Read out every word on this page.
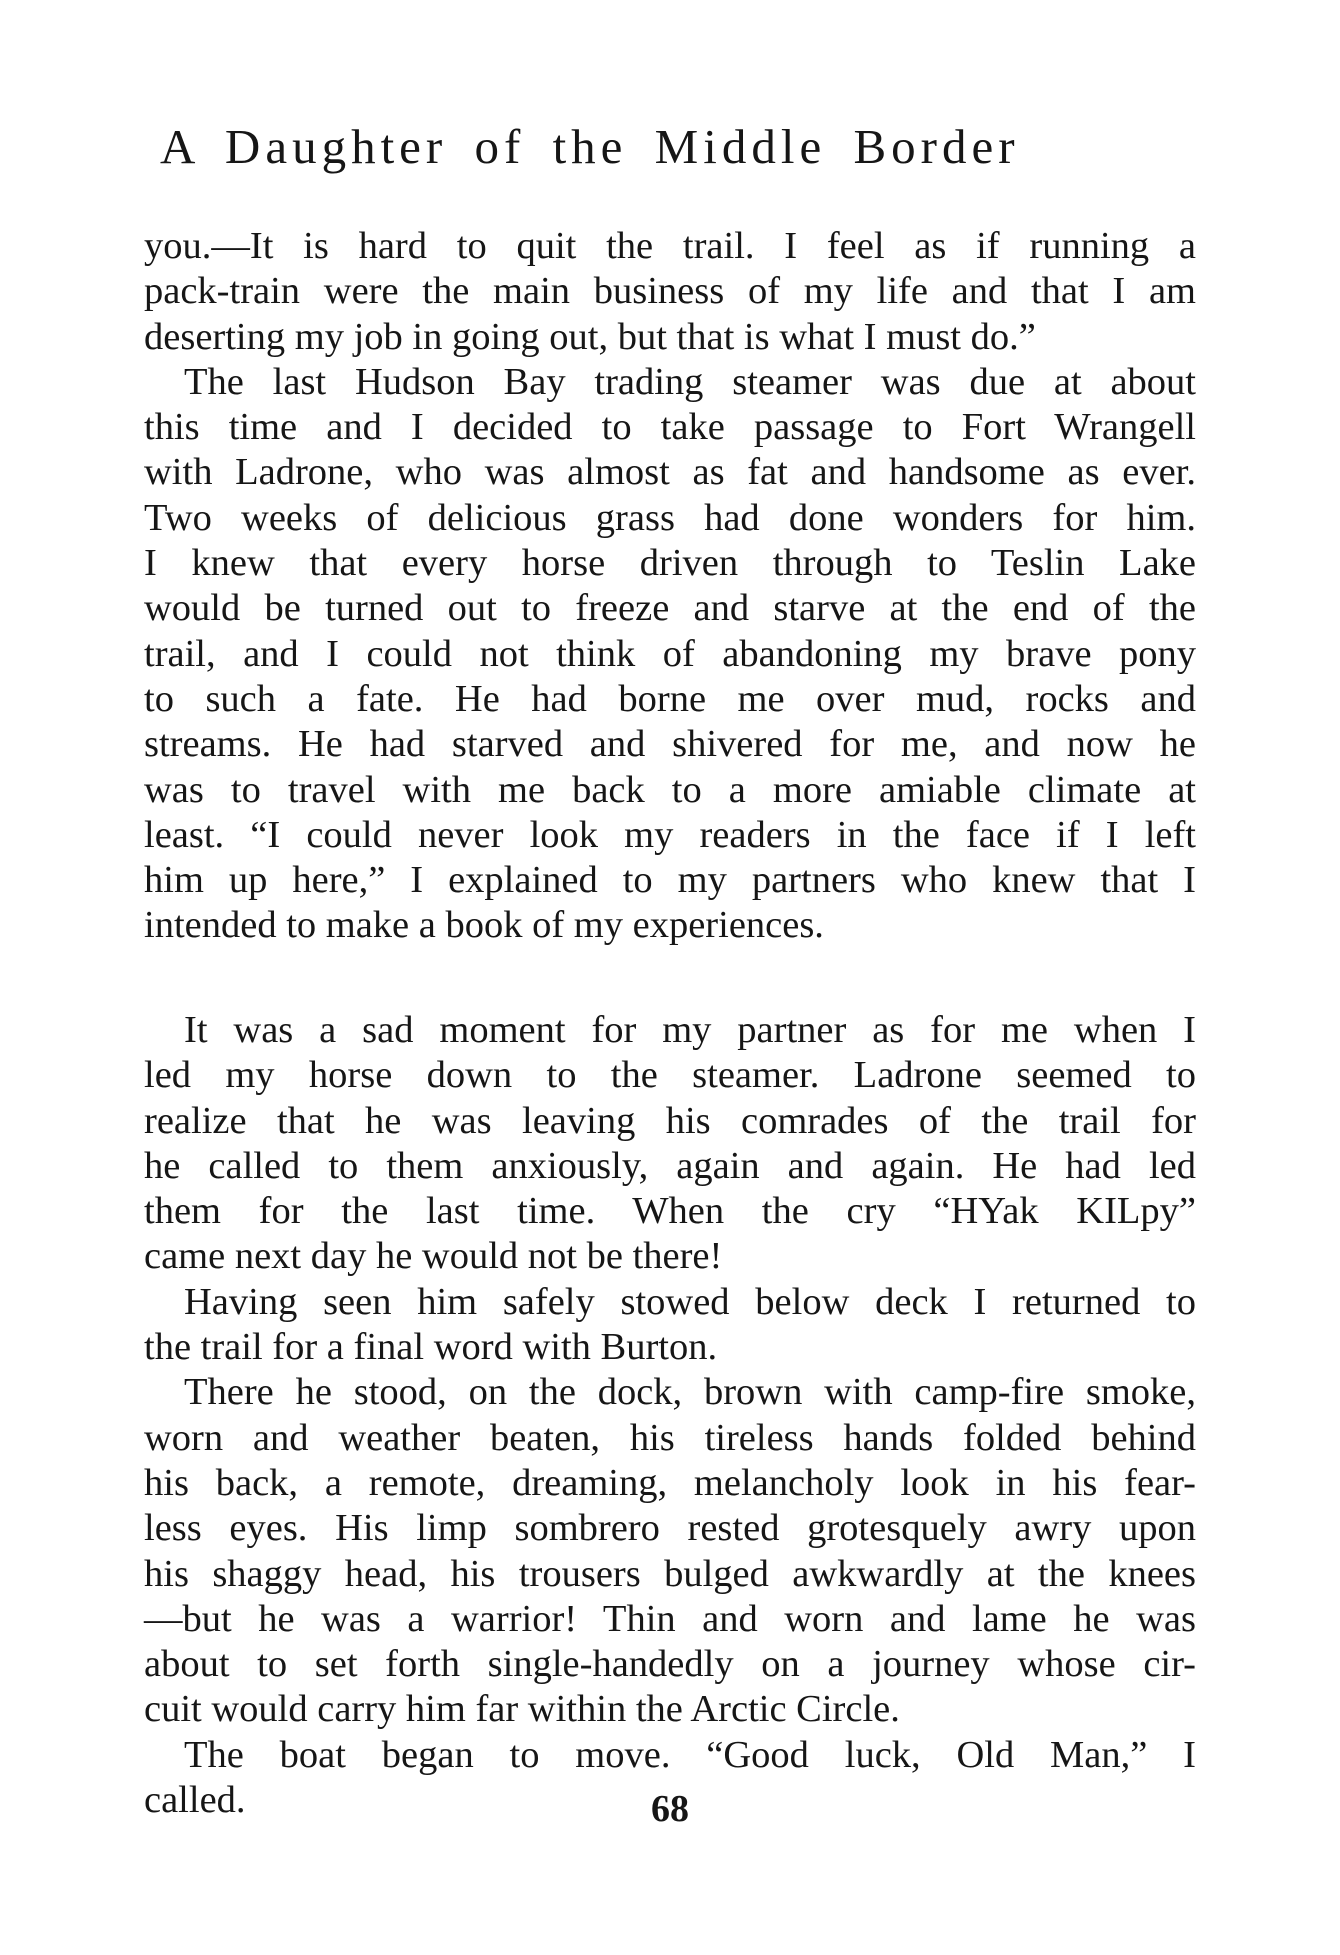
A Daughter of the Middle Border
you.—It is hard to quit the trail. I feel as if running a
pack-train were the main business of my life and that I am
deserting my job in going out, but that is what I must do.”
The last Hudson Bay trading steamer was due at about
this time and I decided to take passage to Fort Wrangell
with Ladrone, who was almost as fat and handsome as ever.
Two weeks of delicious grass had done wonders for him.
I knew that every horse driven through to Teslin Lake
would be turned out to freeze and starve at the end of the
trail, and I could not think of abandoning my brave pony
to such a fate. He had borne me over mud, rocks and
streams. He had starved and shivered for me, and now he
was to travel with me back to a more amiable climate at
least. “I could never look my readers in the face if I left
him up here,” I explained to my partners who knew that I
intended to make a book of my experiences.
It was a sad moment for my partner as for me when I
led my horse down to the steamer. Ladrone seemed to
realize that he was leaving his comrades of the trail for
he called to them anxiously, again and again. He had led
them for the last time. When the cry “HYak KILpy”
came next day he would not be there!
Having seen him safely stowed below deck I returned to
the trail for a final word with Burton.
There he stood, on the dock, brown with camp-fire smoke,
worn and weather beaten, his tireless hands folded behind
his back, a remote, dreaming, melancholy look in his fear-
less eyes. His limp sombrero rested grotesquely awry upon
his shaggy head, his trousers bulged awkwardly at the knees
—but he was a warrior! Thin and worn and lame he was
about to set forth single-handedly on a journey whose cir-
cuit would carry him far within the Arctic Circle.
The boat began to move. “Good luck, Old Man,” I
called.	68
